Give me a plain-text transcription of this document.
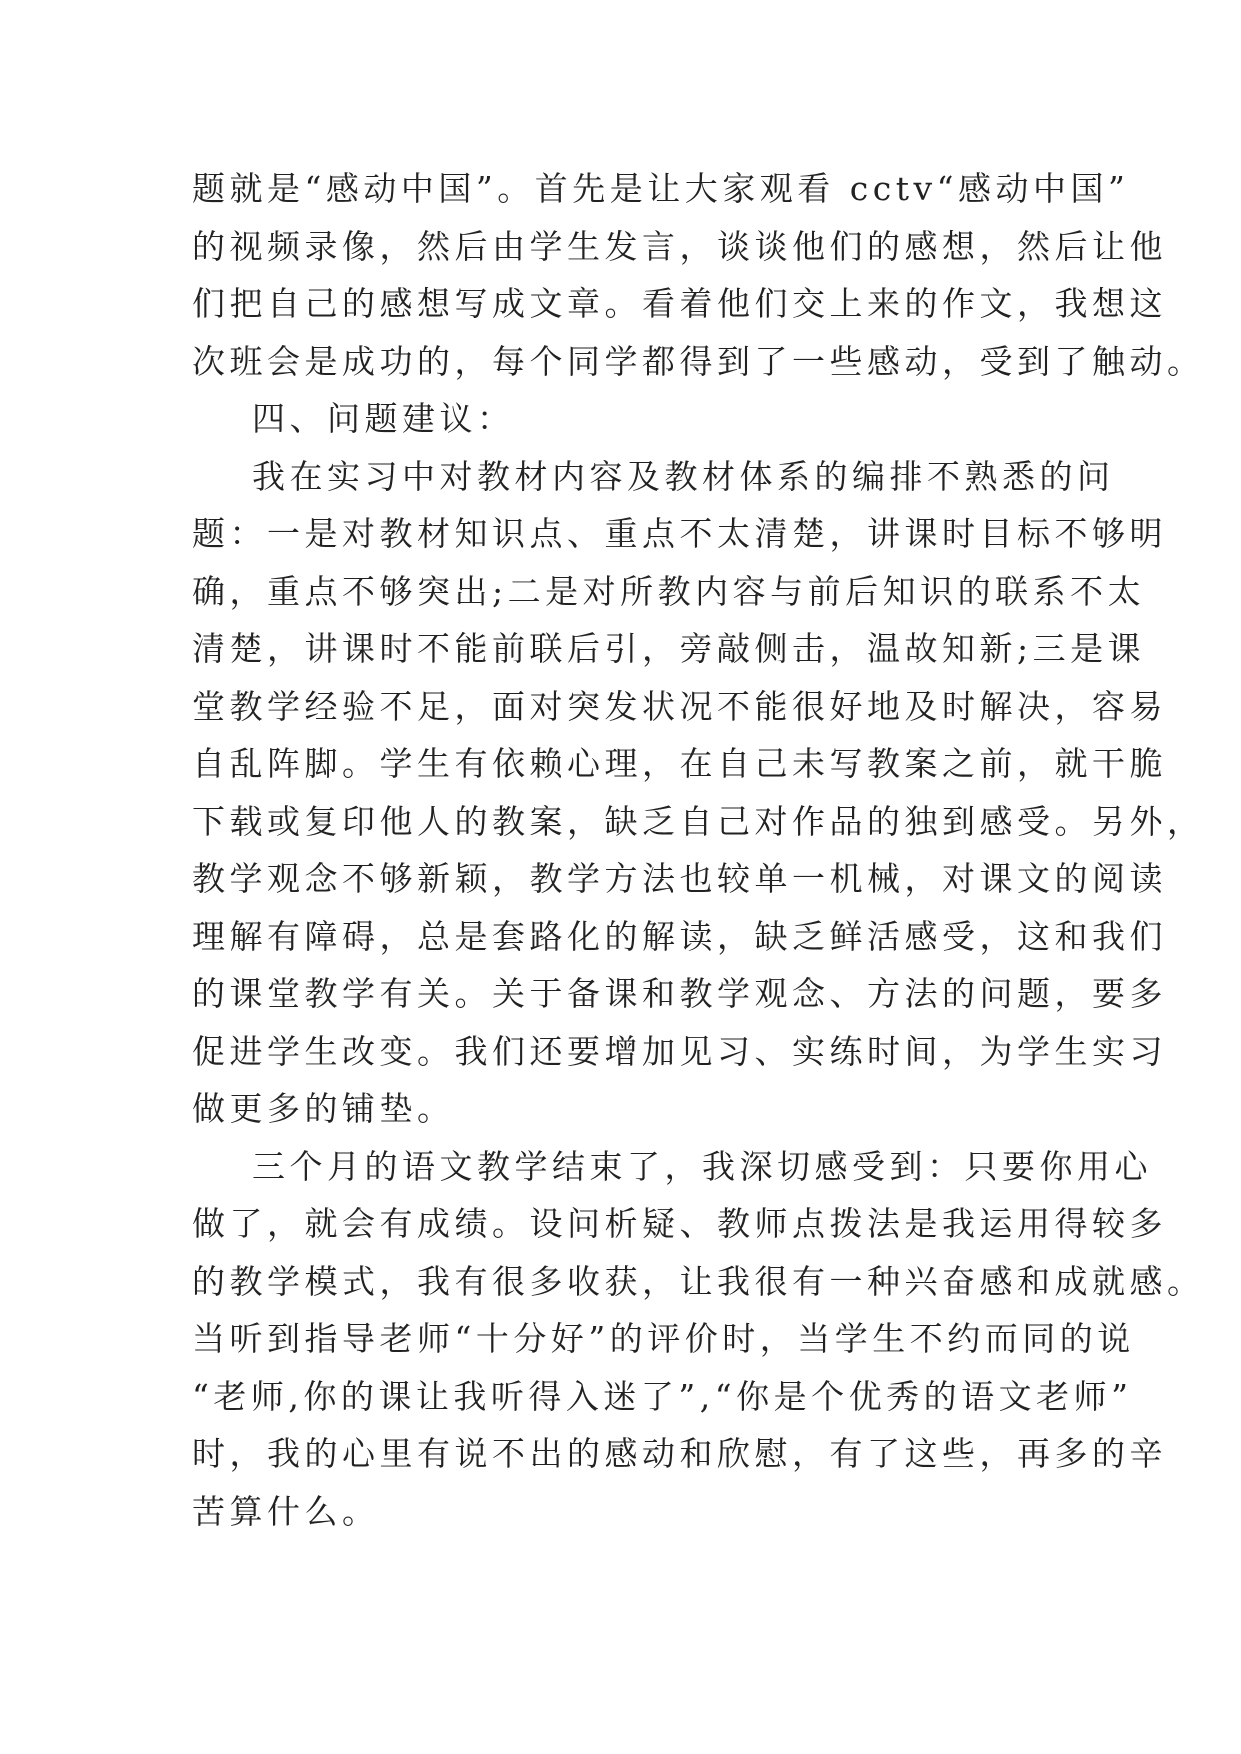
题就是“感动中国”。首先是让大家观看 cctv“感动中国”
的视频录像，然后由学生发言，谈谈他们的感想，然后让他
们把自己的感想写成文章。看着他们交上来的作文，我想这
次班会是成功的，每个同学都得到了一些感动，受到了触动。

四、问题建议：

我在实习中对教材内容及教材体系的编排不熟悉的问
题：一是对教材知识点、重点不太清楚，讲课时目标不够明
确，重点不够突出;二是对所教内容与前后知识的联系不太
清楚，讲课时不能前联后引，旁敲侧击，温故知新;三是课
堂教学经验不足，面对突发状况不能很好地及时解决，容易
自乱阵脚。学生有依赖心理，在自己未写教案之前，就干脆
下载或复印他人的教案，缺乏自己对作品的独到感受。另外，
教学观念不够新颖，教学方法也较单一机械，对课文的阅读
理解有障碍，总是套路化的解读，缺乏鲜活感受，这和我们
的课堂教学有关。关于备课和教学观念、方法的问题，要多
促进学生改变。我们还要增加见习、实练时间，为学生实习
做更多的铺垫。

三个月的语文教学结束了，我深切感受到：只要你用心
做了，就会有成绩。设问析疑、教师点拨法是我运用得较多
的教学模式，我有很多收获，让我很有一种兴奋感和成就感。
当听到指导老师“十分好”的评价时，当学生不约而同的说
“老师,你的课让我听得入迷了”,“你是个优秀的语文老师”
时，我的心里有说不出的感动和欣慰，有了这些，再多的辛
苦算什么。
